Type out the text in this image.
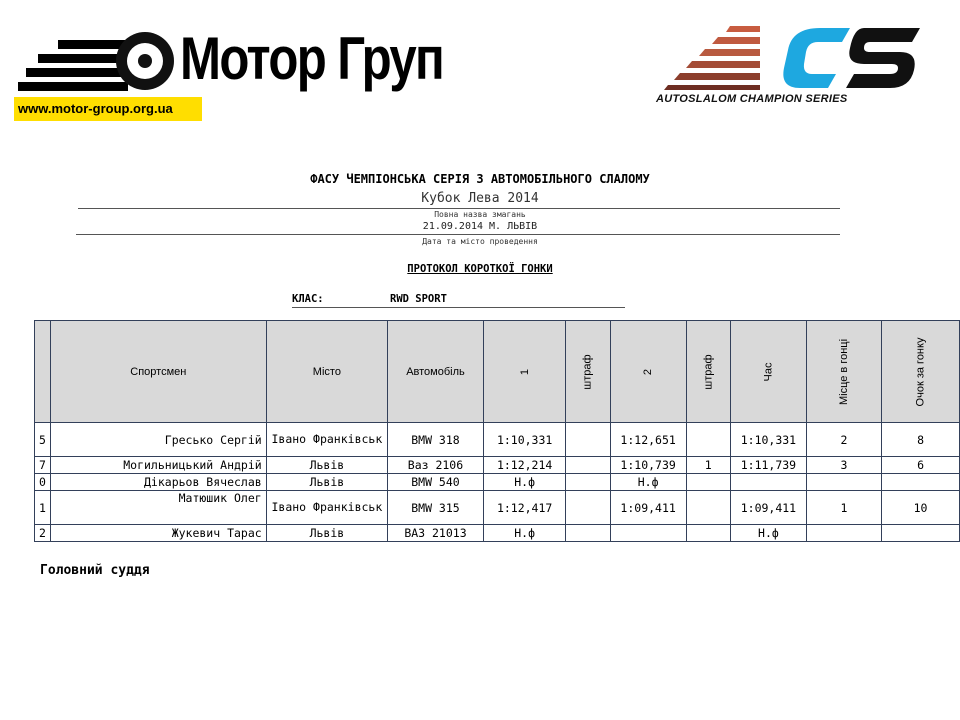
Мотор Груп
www.motor-group.org.ua
AUTOSLALOM CHAMPION SERIES
ФАСУ ЧЕМПІОНСЬКА СЕРІЯ З АВТОМОБІЛЬНОГО СЛАЛОМУ
Кубок Лева 2014
Повна назва змагань
21.09.2014 М. ЛЬВІВ
Дата та місто проведення
ПРОТОКОЛ КОРОТКОЇ ГОНКИ
КЛАС:	RWD SPORT
	Спортсмен	Місто	Автомобіль	1	штраф	2	штраф	Час	Місце в гонці	Очок за гонку
5	Гресько Сергій	Івано Франківськ	BMW 318	1:10,331		1:12,651		1:10,331	2	8
7	Могильницький Андрій	Львів	Ваз 2106	1:12,214		1:10,739	1	1:11,739	3	6
0	Дікарьов Вячеслав	Львів	BMW 540	Н.ф		Н.ф				
1	Матюшик Олег	Івано Франківськ	BMW 315	1:12,417		1:09,411		1:09,411	1	10
2	Жукевич Тарас	Львів	ВАЗ 21013	Н.ф				Н.ф		
Головний суддя
